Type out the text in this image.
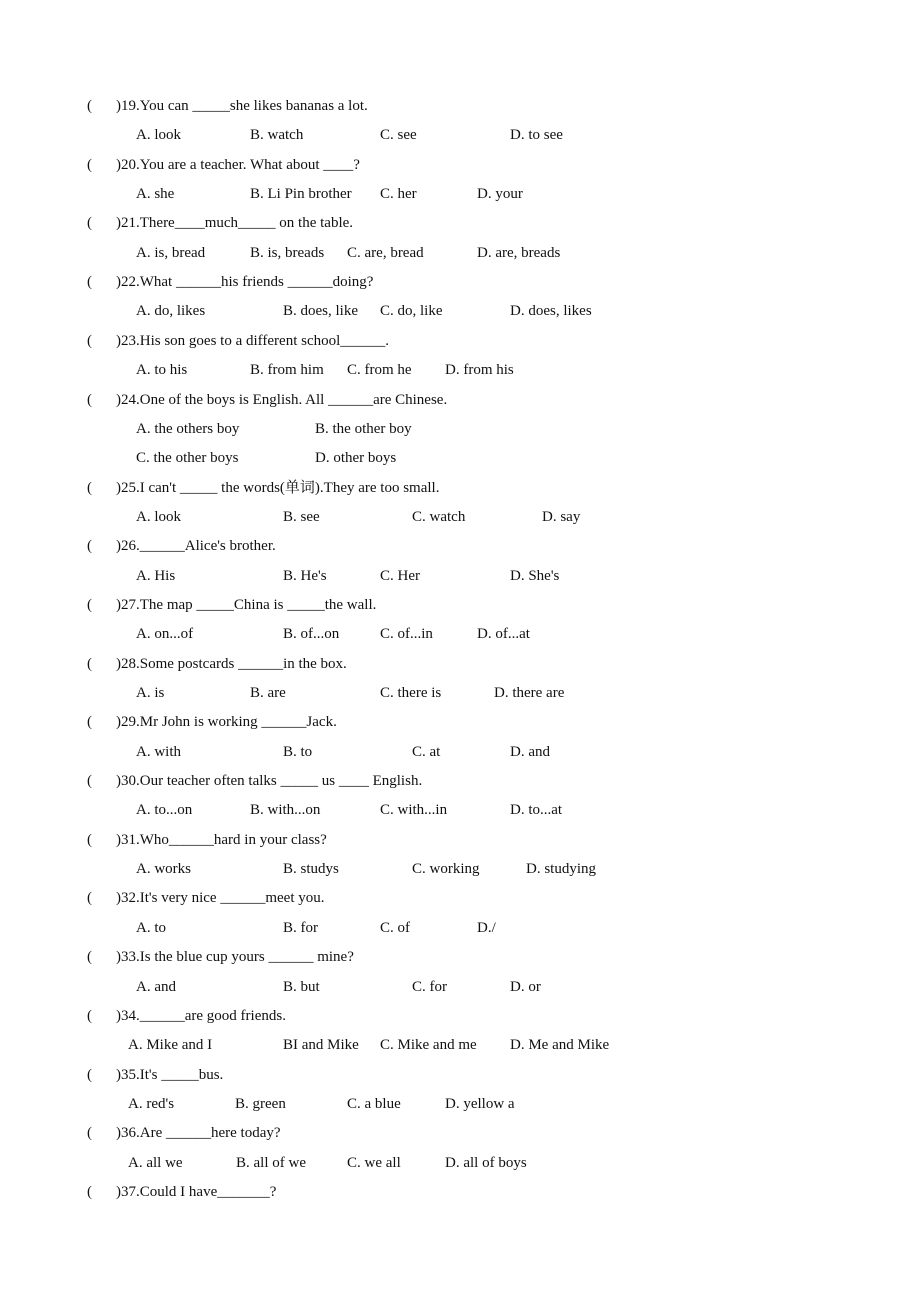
( )19.You can _____she likes bananas a lot.
A. look	B. watch	C. see	D. to see
( )20.You are a teacher. What about ____?
A. she	B. Li Pin brother C. her	D. your
( )21.There____much_____ on the table.
A. is, bread	B. is, breads C. are, bread	D. are, breads
( )22.What ______his friends ______doing?
A. do, likes	B. does, like C. do, like	D. does, likes
( )23.His son goes to a different school______.
A. to his	B. from him C. from he D. from his
( )24.One of the boys is English. All ______are Chinese.
A. the others boy	B. the other boy
C. the other boys	D. other boys
( )25.I can't _____ the words(单词).They are too small.
A. look	B. see	C. watch	D. say
( )26.______Alice's brother.
A. His	B. He's	C. Her	D. She's
( )27.The map _____China is _____the wall.
A. on...of	B. of...on	C. of...in	D. of...at
( )28.Some postcards ______in the box.
A. is	B. are	C. there is	D. there are
( )29.Mr John is working ______Jack.
A. with	B. to	C. at	D. and
( )30.Our teacher often talks _____ us ____ English.
A. to...on	B. with...on	C. with...in	D. to...at
( )31.Who______hard in your class?
A. works	B. studys	C. working	D. studying
( )32.It's very nice ______meet you.
A. to	B. for	C. of	D./
( )33.Is the blue cup yours ______ mine?
A. and	B. but	C. for	D. or
( )34.______are good friends.
A. Mike and I	BI and Mike C. Mike and me D. Me and Mike
( )35.It's _____bus.
A. red's	B. green	C. a blue	D. yellow a
( )36.Are ______here today?
A. all we	B. all of we	C. we all	D. all of boys
( )37.Could I have_______?
